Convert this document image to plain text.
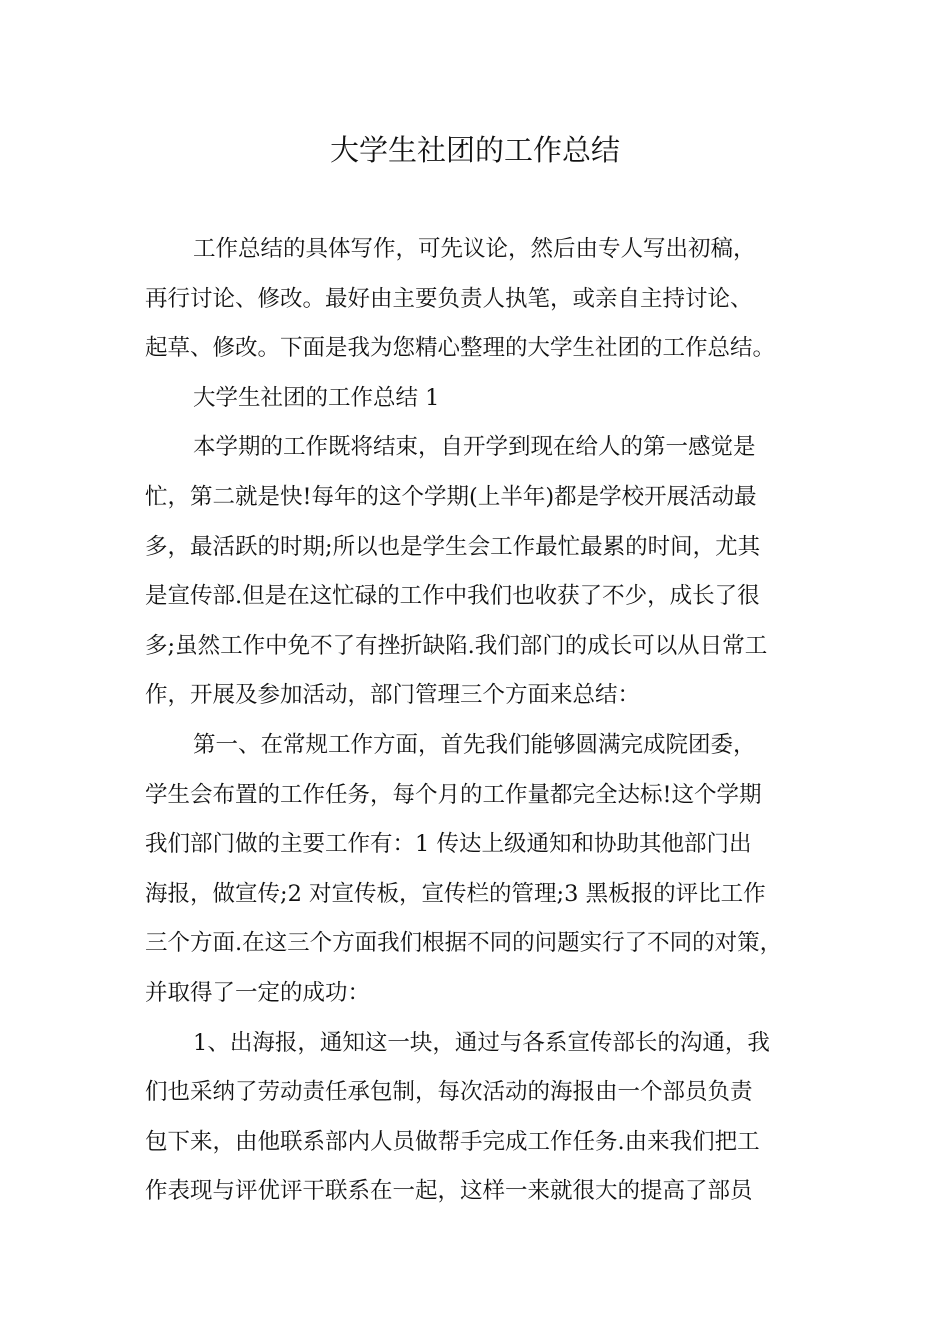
大学生社团的工作总结
工作总结的具体写作，可先议论，然后由专人写出初稿，
再行讨论、修改。最好由主要负责人执笔，或亲自主持讨论、
起草、修改。下面是我为您精心整理的大学生社团的工作总结。
大学生社团的工作总结 1
本学期的工作既将结束，自开学到现在给人的第一感觉是
忙，第二就是快!每年的这个学期(上半年)都是学校开展活动最
多，最活跃的时期;所以也是学生会工作最忙最累的时间，尤其
是宣传部.但是在这忙碌的工作中我们也收获了不少，成长了很
多;虽然工作中免不了有挫折缺陷.我们部门的成长可以从日常工
作，开展及参加活动，部门管理三个方面来总结：
第一、在常规工作方面，首先我们能够圆满完成院团委，
学生会布置的工作任务，每个月的工作量都完全达标!这个学期
我们部门做的主要工作有：1 传达上级通知和协助其他部门出
海报，做宣传;2 对宣传板，宣传栏的管理;3 黑板报的评比工作
三个方面.在这三个方面我们根据不同的问题实行了不同的对策，
并取得了一定的成功：
1、出海报，通知这一块，通过与各系宣传部长的沟通，我
们也采纳了劳动责任承包制，每次活动的海报由一个部员负责
包下来，由他联系部内人员做帮手完成工作任务.由来我们把工
作表现与评优评干联系在一起，这样一来就很大的提高了部员
